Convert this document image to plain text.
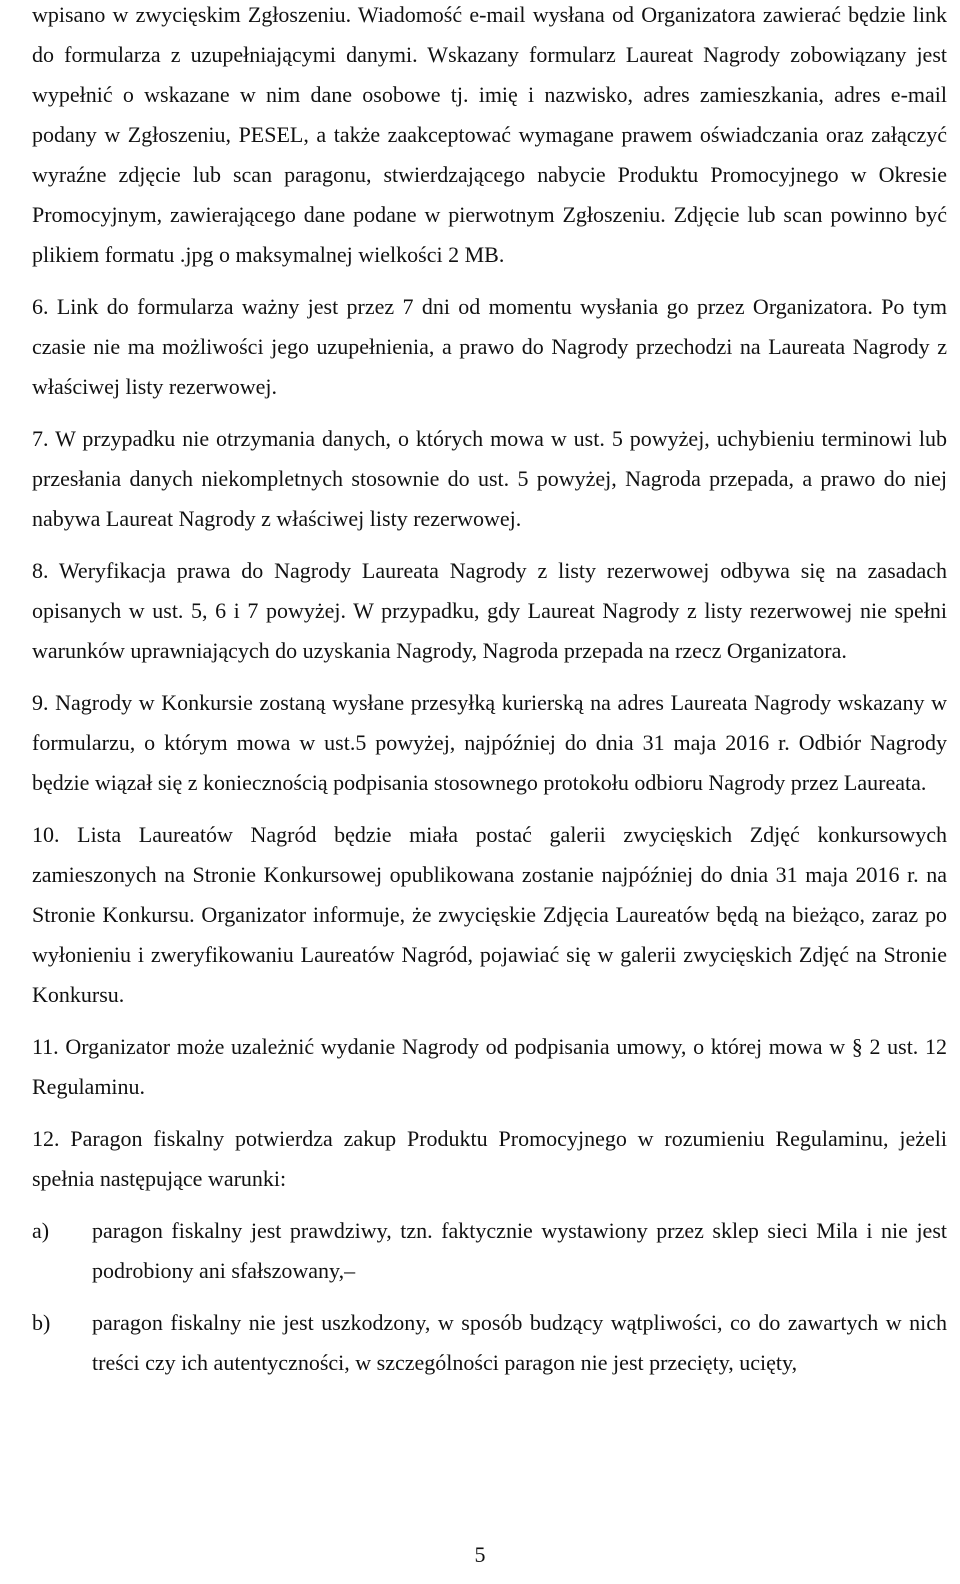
wpisano w zwycięskim Zgłoszeniu. Wiadomość e-mail wysłana od Organizatora zawierać będzie link do formularza z uzupełniającymi danymi. Wskazany formularz Laureat Nagrody zobowiązany jest wypełnić o wskazane w nim dane osobowe tj. imię i nazwisko, adres zamieszkania, adres e-mail podany w Zgłoszeniu, PESEL, a także zaakceptować wymagane prawem oświadczania oraz załączyć wyraźne zdjęcie lub scan paragonu, stwierdzającego nabycie Produktu Promocyjnego w Okresie Promocyjnym, zawierającego dane podane w pierwotnym Zgłoszeniu. Zdjęcie lub scan powinno być plikiem formatu .jpg o maksymalnej wielkości 2 MB.

6. Link do formularza ważny jest przez 7 dni od momentu wysłania go przez Organizatora. Po tym czasie nie ma możliwości jego uzupełnienia, a prawo do Nagrody przechodzi na Laureata Nagrody z właściwej listy rezerwowej.

7. W przypadku nie otrzymania danych, o których mowa w ust. 5 powyżej, uchybieniu terminowi lub przesłania danych niekompletnych stosownie do ust. 5 powyżej, Nagroda przepada, a prawo do niej nabywa Laureat Nagrody z właściwej listy rezerwowej.

8. Weryfikacja prawa do Nagrody Laureata Nagrody z listy rezerwowej odbywa się na zasadach opisanych w ust. 5, 6 i 7 powyżej. W przypadku, gdy Laureat Nagrody z listy rezerwowej nie spełni warunków uprawniających do uzyskania Nagrody, Nagroda przepada na rzecz Organizatora.

9. Nagrody w Konkursie zostaną wysłane przesyłką kurierską na adres Laureata Nagrody wskazany w formularzu, o którym mowa w ust.5 powyżej, najpóźniej do dnia 31 maja 2016 r. Odbiór Nagrody będzie wiązał się z koniecznością podpisania stosownego protokołu odbioru Nagrody przez Laureata.

10. Lista Laureatów Nagród będzie miała postać galerii zwycięskich Zdjęć konkursowych zamieszonych na Stronie Konkursowej opublikowana zostanie najpóźniej do dnia 31 maja 2016 r. na Stronie Konkursu. Organizator informuje, że zwycięskie Zdjęcia Laureatów będą na bieżąco, zaraz po wyłonieniu i zweryfikowaniu Laureatów Nagród, pojawiać się w galerii zwycięskich Zdjęć na Stronie Konkursu.

11. Organizator może uzależnić wydanie Nagrody od podpisania umowy, o której mowa w § 2 ust. 12 Regulaminu.

12. Paragon fiskalny potwierdza zakup Produktu Promocyjnego w rozumieniu Regulaminu, jeżeli spełnia następujące warunki:

a)	paragon fiskalny jest prawdziwy, tzn. faktycznie wystawiony przez sklep sieci Mila i nie jest podrobiony ani sfałszowany,–
b)	paragon fiskalny nie jest uszkodzony, w sposób budzący wątpliwości, co do zawartych w nich treści czy ich autentyczności, w szczególności paragon nie jest przecięty, ucięty,
5
